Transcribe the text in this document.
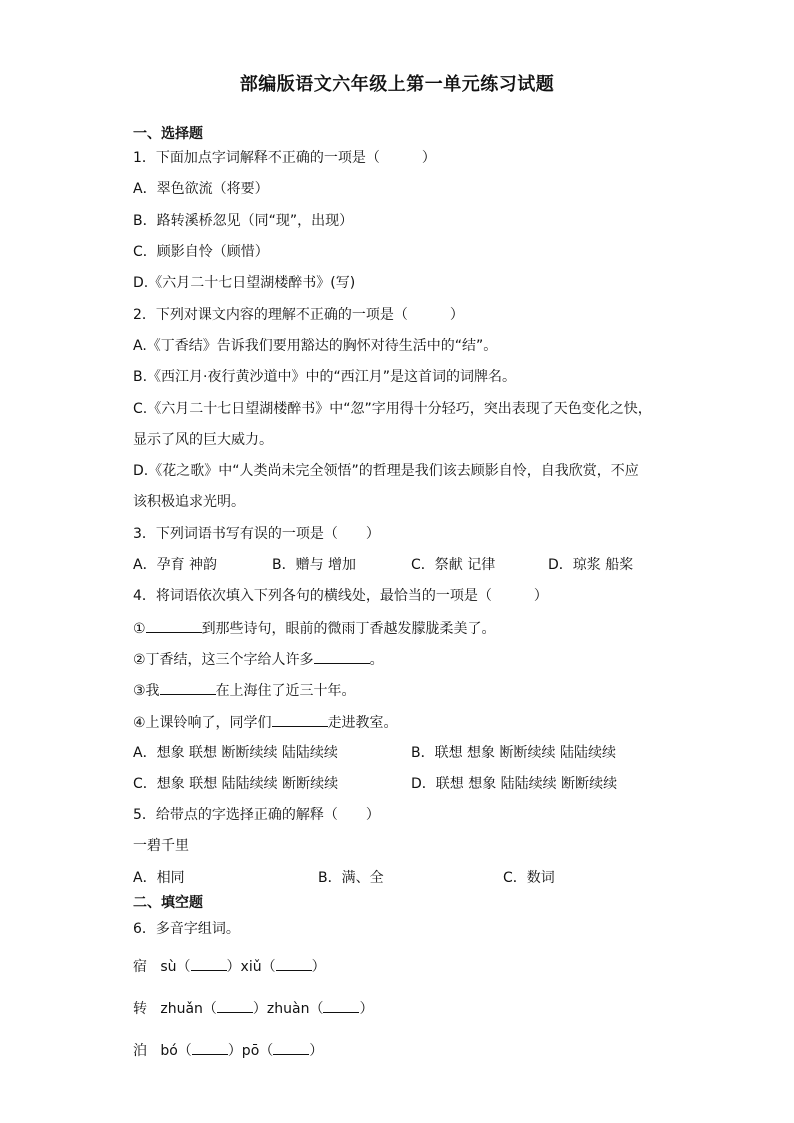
部编版语文六年级上第一单元练习试题
一、选择题
1．下面加点字词解释不正确的一项是（　　　）
A．翠色欲流（将要）
B．路转溪桥忽见（同“现”，出现）
C．顾影自怜（顾惜）
D.《六月二十七日望湖楼醉书》(写)
2．下列对课文内容的理解不正确的一项是（　　　）
A.《丁香结》告诉我们要用豁达的胸怀对待生活中的“结”。
B.《西江月·夜行黄沙道中》中的“西江月”是这首词的词牌名。
C.《六月二十七日望湖楼醉书》中“忽”字用得十分轻巧，突出表现了天色变化之快，
显示了风的巨大威力。
D.《花之歌》中“人类尚未完全领悟”的哲理是我们该去顾影自怜，自我欣赏，不应
该积极追求光明。
3．下列词语书写有误的一项是（　　）
A．孕育 神韵	B．赠与 增加	C．祭献 记律	D．琼浆 船桨
4．将词语依次填入下列各句的横线处，最恰当的一项是（　　　）
①	到那些诗句，眼前的微雨丁香越发朦胧柔美了。
②丁香结，这三个字给人许多	。
③我	在上海住了近三十年。
④上课铃响了，同学们	走进教室。
A．想象 联想 断断续续 陆陆续续	B．联想 想象 断断续续 陆陆续续
C．想象 联想 陆陆续续 断断续续	D．联想 想象 陆陆续续 断断续续
5．给带点的字选择正确的解释（　　）
一碧千里
A．相同	B．满、全	C．数词
二、填空题
6．多音字组词。
宿 sù（	）xiǔ（	）
转 zhuǎn（	）zhuàn（	）
泊 bó（	）pō（	）
